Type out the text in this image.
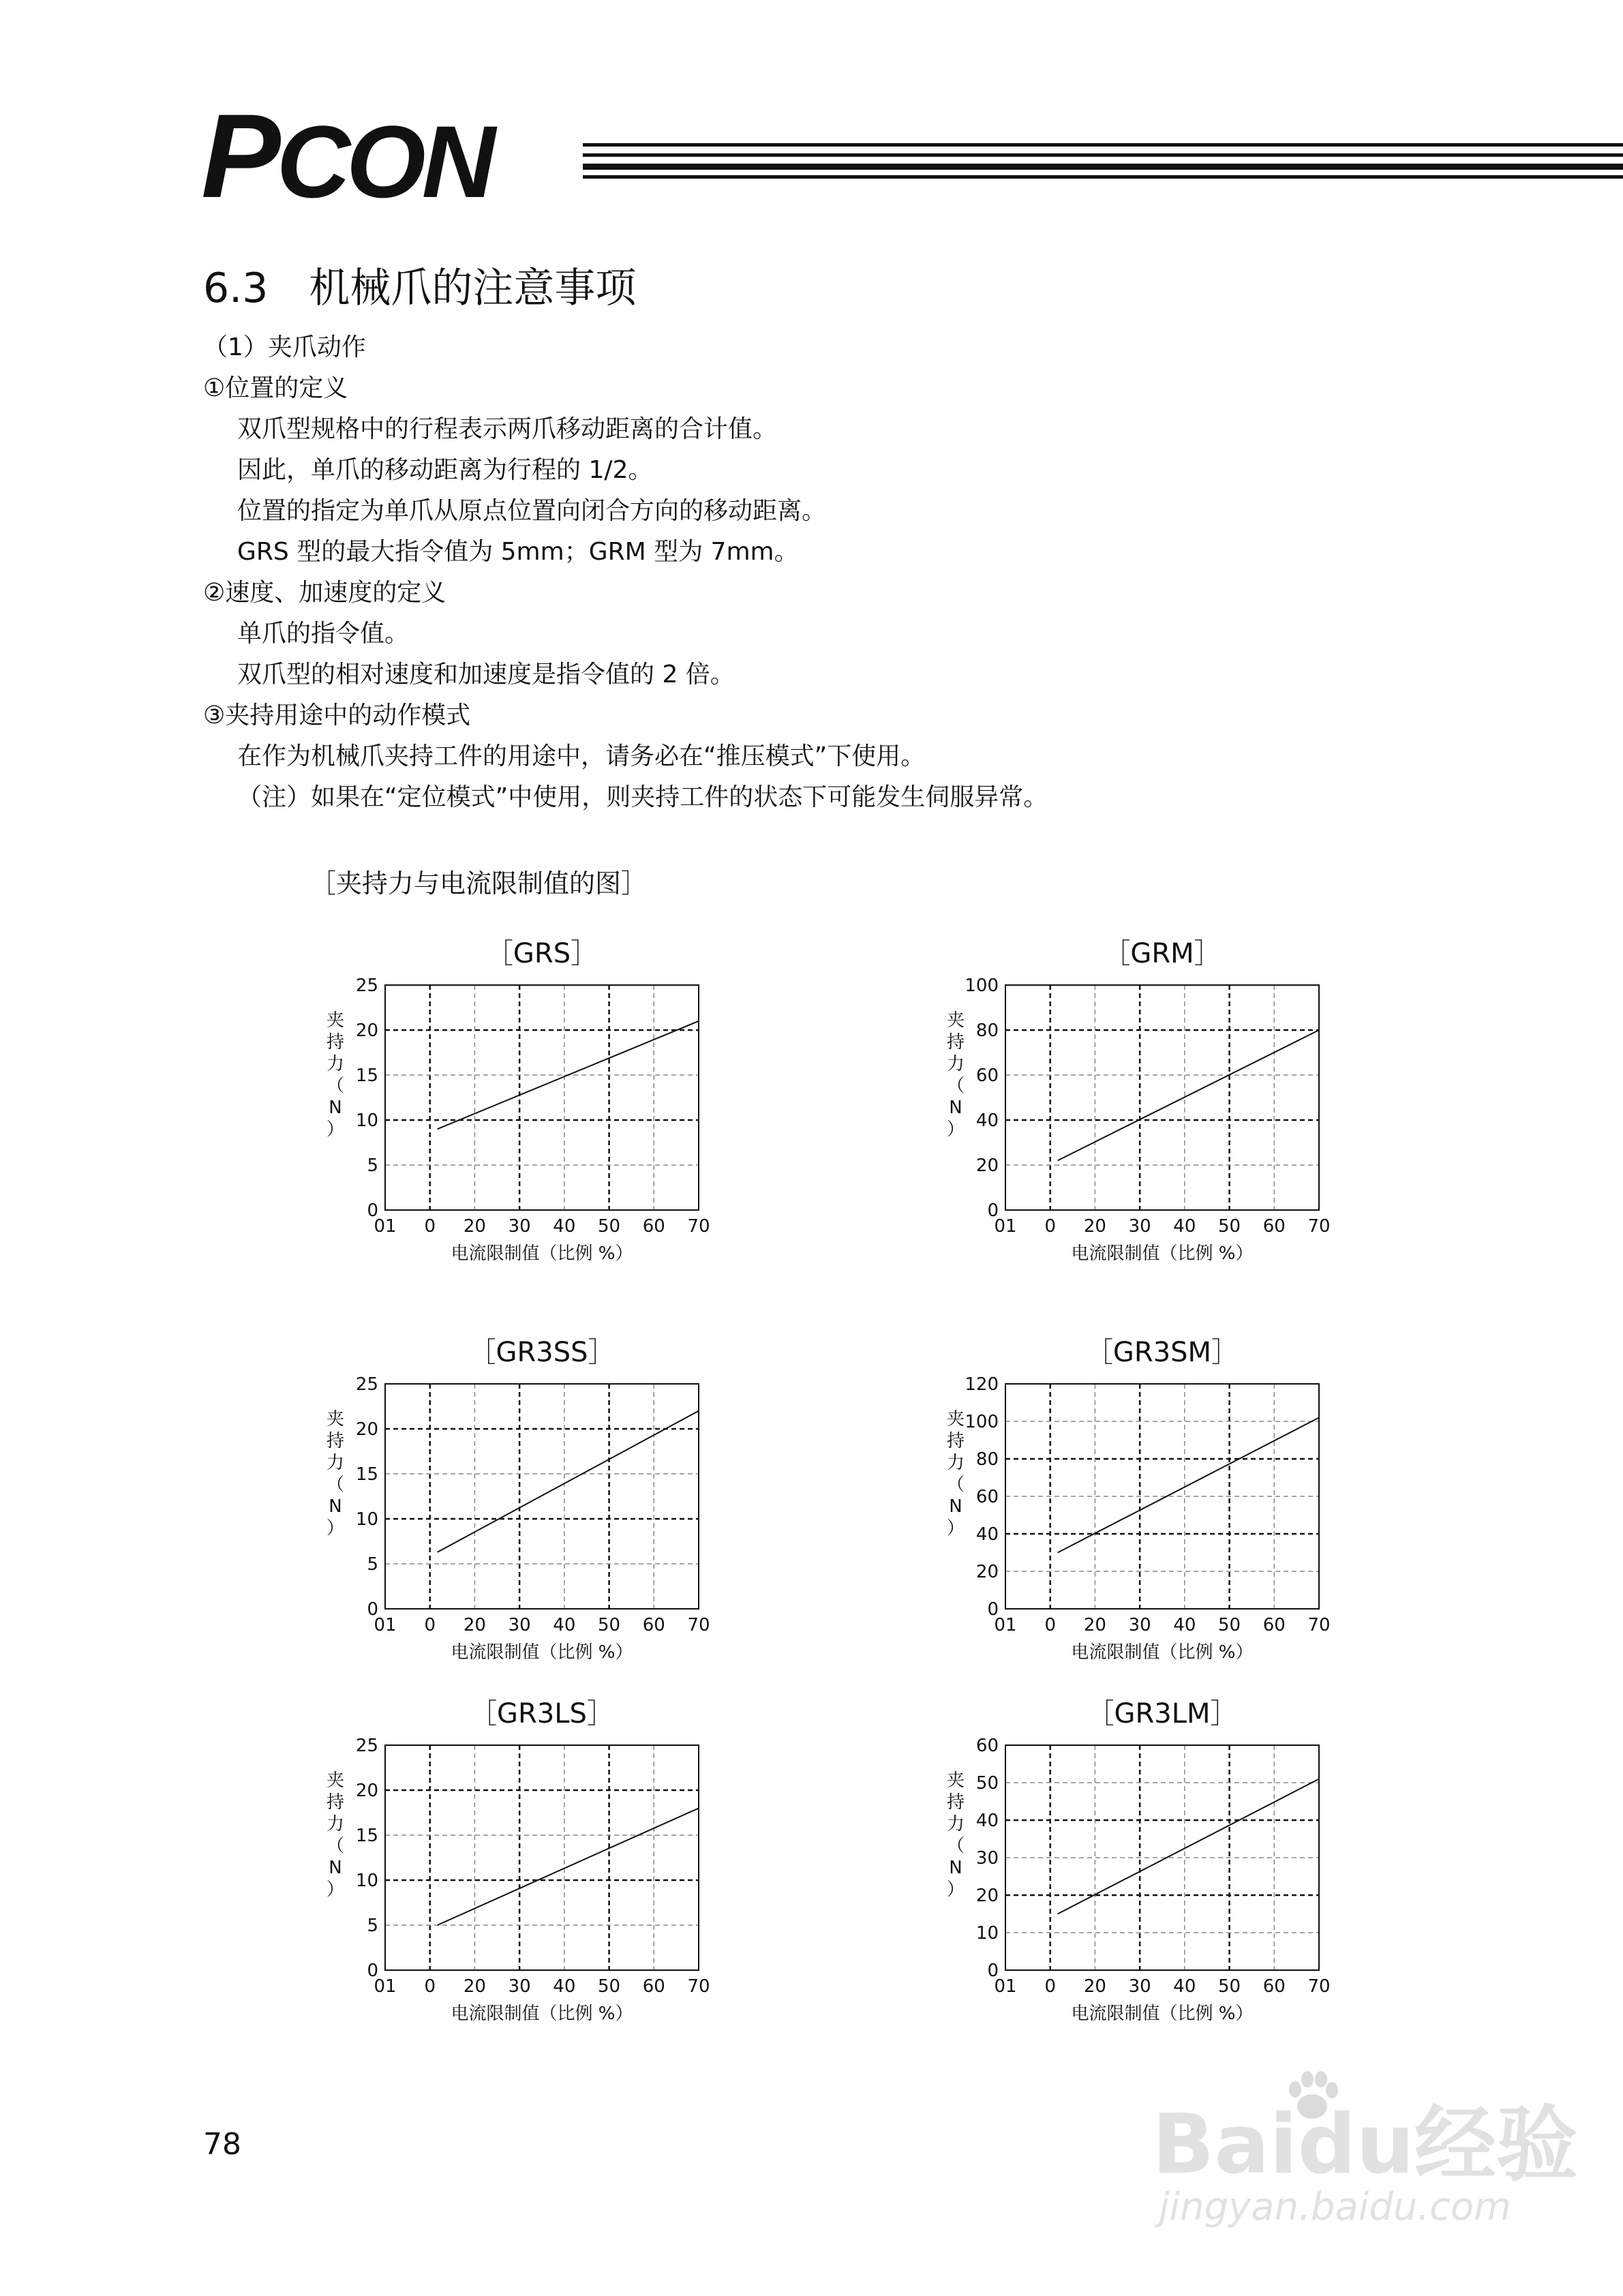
PCON
6.3　机械爪的注意事项
（1）夹爪动作
①位置的定义
双爪型规格中的行程表示两爪移动距离的合计值。
因此，单爪的移动距离为行程的 1/2。
位置的指定为单爪从原点位置向闭合方向的移动距离。
GRS 型的最大指令值为 5mm；GRM 型为 7mm。
②速度、加速度的定义
单爪的指令值。
双爪型的相对速度和加速度是指令值的 2 倍。
③夹持用途中的动作模式
在作为机械爪夹持工件的用途中，请务必在“推压模式”下使用。
（注）如果在“定位模式”中使用，则夹持工件的状态下可能发生伺服异常。
［夹持力与电流限制值的图］
［GRS］
0
5
10
15
20
25
01 0 20 30 40 50 60 70
夹
持
力
（
N
）
电流限制值（比例 %）
［GRM］
0
20
40
60
80
100
01 0 20 30 40 50 60 70
夹
持
力
（
N
）
电流限制值（比例 %）
［GR3SS］
0
5
10
15
20
25
01 0 20 30 40 50 60 70
夹
持
力
（
N
）
电流限制值（比例 %）
［GR3SM］
0
20
40
60
80
100
120
01 0 20 30 40 50 60 70
夹
持
力
（
N
）
电流限制值（比例 %）
［GR3LS］
0
5
10
15
20
25
01 0 20 30 40 50 60 70
夹
持
力
（
N
）
电流限制值（比例 %）
［GR3LM］
0
10
20
30
40
50
60
01 0 20 30 40 50 60 70
夹
持
力
（
N
）
电流限制值（比例 %）
78	Baidu经验
jingyan.baidu.com
